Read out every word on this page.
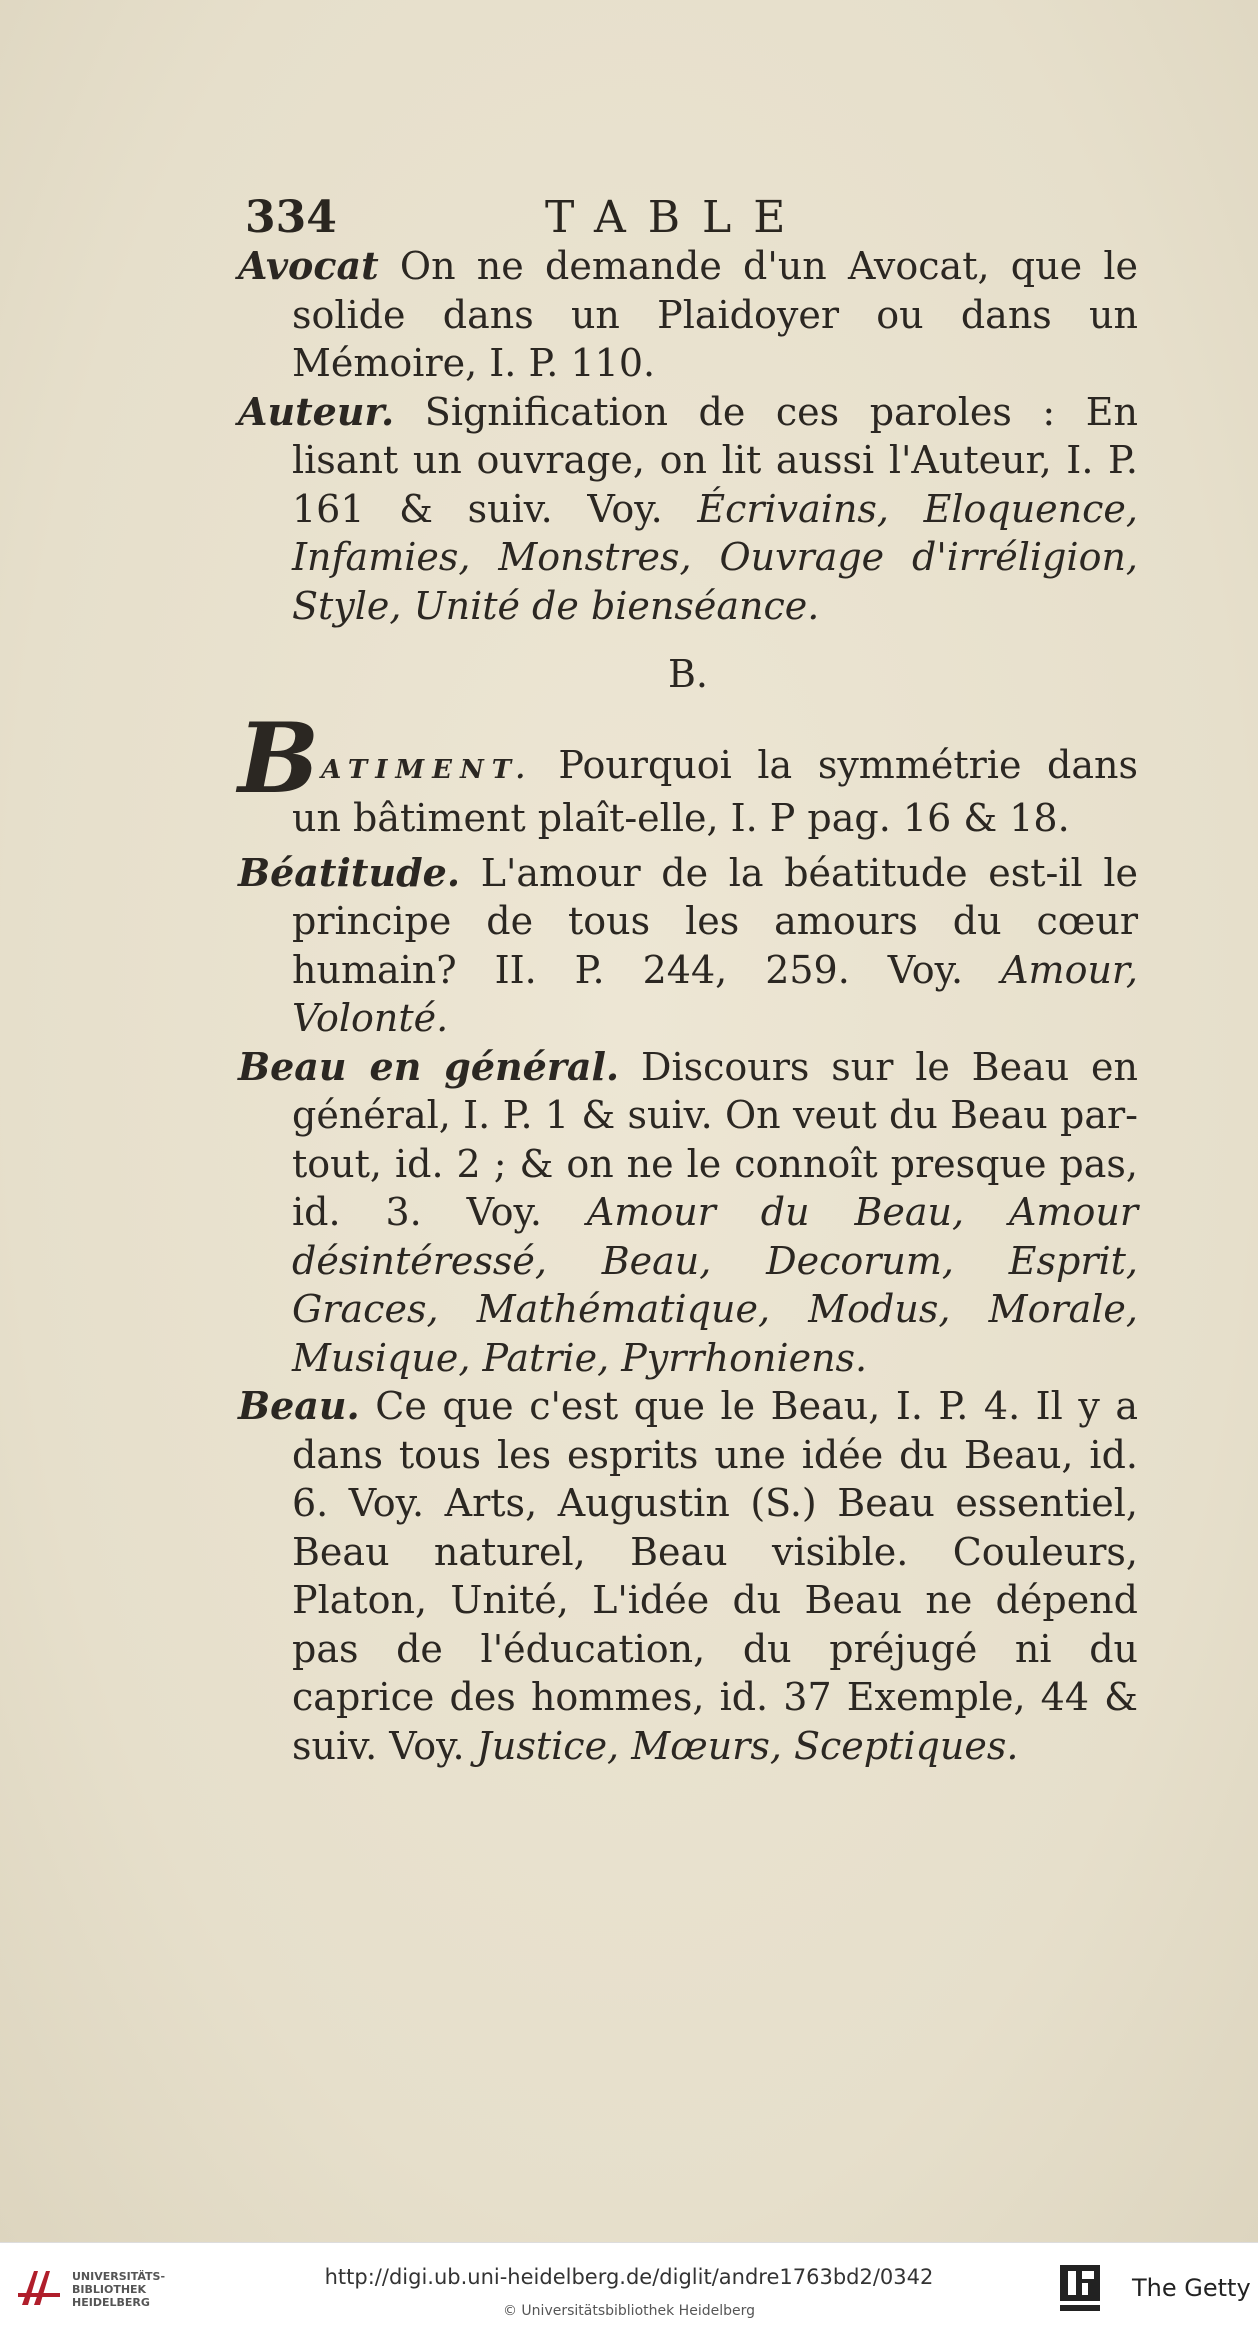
334	TABLE

Avocat On ne demande d'un Avocat, que le solide dans un Plaidoyer ou dans un Mémoire, I. P. 110.

Auteur. Signification de ces paroles : En lisant un ouvrage, on lit aussi l'Auteur, I. P. 161 & suiv. Voy. Écrivains, Eloquence, Infamies, Monstres, Ouvrage d'irréligion, Style, Unité de bienséance.

B.

BATIMENT. Pourquoi la symmétrie dans un bâtiment plaît-elle, I. P pag. 16 & 18.

Béatitude. L'amour de la béatitude est-il le principe de tous les amours du cœur humain? II. P. 244, 259. Voy. Amour, Volonté.

Beau en général. Discours sur le Beau en général, I. P. 1 & suiv. On veut du Beau par-tout, id. 2 ; & on ne le connoît presque pas, id. 3. Voy. Amour du Beau, Amour désintéressé, Beau, Decorum, Esprit, Graces, Mathématique, Modus, Morale, Musique, Patrie, Pyrrhoniens.

Beau. Ce que c'est que le Beau, I. P. 4. Il y a dans tous les esprits une idée du Beau, id. 6. Voy. Arts, Augustin (S.) Beau essentiel, Beau naturel, Beau visible. Couleurs, Platon, Unité, L'idée du Beau ne dépend pas de l'éducation, du préjugé ni du caprice des hommes, id. 37 Exemple, 44 & suiv. Voy. Justice, Mœurs, Sceptiques.

UNIVERSITÄTS-
BIBLIOTHEK
HEIDELBERG
http://digi.ub.uni-heidelberg.de/diglit/andre1763bd2/0342
© Universitätsbibliothek Heidelberg
The Getty
